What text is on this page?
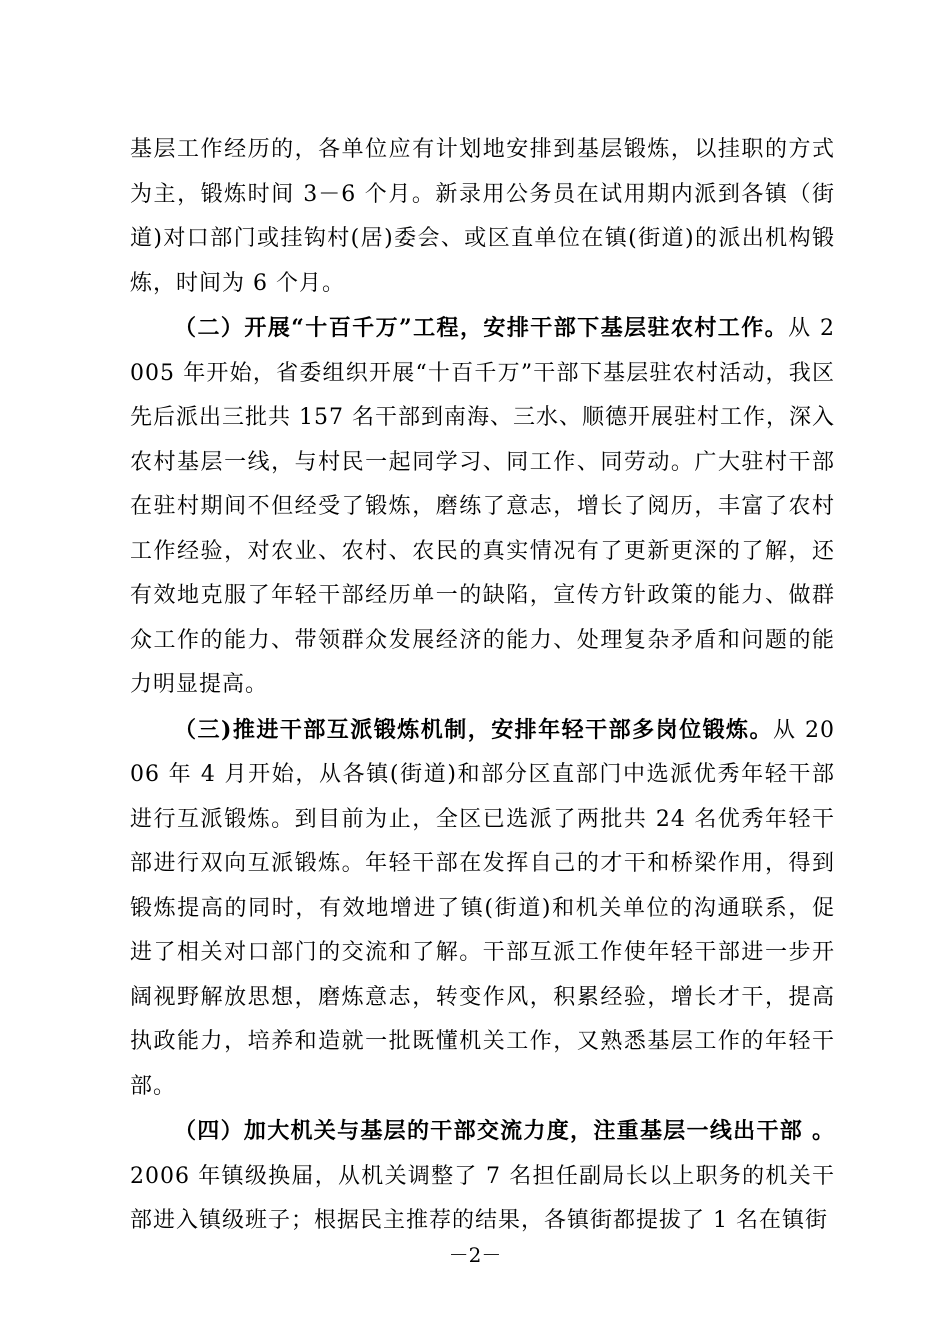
基层工作经历的，各单位应有计划地安排到基层锻炼，以挂职的方式为主，锻炼时间 3－6 个月。新录用公务员在试用期内派到各镇（街道)对口部门或挂钩村(居)委会、或区直单位在镇(街道)的派出机构锻炼，时间为 6 个月。

（二）开展“十百千万”工程，安排干部下基层驻农村工作。从 2005 年开始，省委组织开展“十百千万”干部下基层驻农村活动，我区先后派出三批共 157 名干部到南海、三水、顺德开展驻村工作，深入农村基层一线，与村民一起同学习、同工作、同劳动。广大驻村干部在驻村期间不但经受了锻炼，磨练了意志，增长了阅历，丰富了农村工作经验，对农业、农村、农民的真实情况有了更新更深的了解，还有效地克服了年轻干部经历单一的缺陷，宣传方针政策的能力、做群众工作的能力、带领群众发展经济的能力、处理复杂矛盾和问题的能力明显提高。

（三)推进干部互派锻炼机制，安排年轻干部多岗位锻炼。从 2006 年 4 月开始，从各镇(街道)和部分区直部门中选派优秀年轻干部进行互派锻炼。到目前为止，全区已选派了两批共 24 名优秀年轻干部进行双向互派锻炼。年轻干部在发挥自己的才干和桥梁作用，得到锻炼提高的同时，有效地增进了镇(街道)和机关单位的沟通联系，促进了相关对口部门的交流和了解。干部互派工作使年轻干部进一步开阔视野解放思想，磨炼意志，转变作风，积累经验，增长才干，提高执政能力，培养和造就一批既懂机关工作，又熟悉基层工作的年轻干部。

（四）加大机关与基层的干部交流力度，注重基层一线出干部 。2006 年镇级换届，从机关调整了 7 名担任副局长以上职务的机关干部进入镇级班子；根据民主推荐的结果，各镇街都提拔了 1 名在镇街

－2－
